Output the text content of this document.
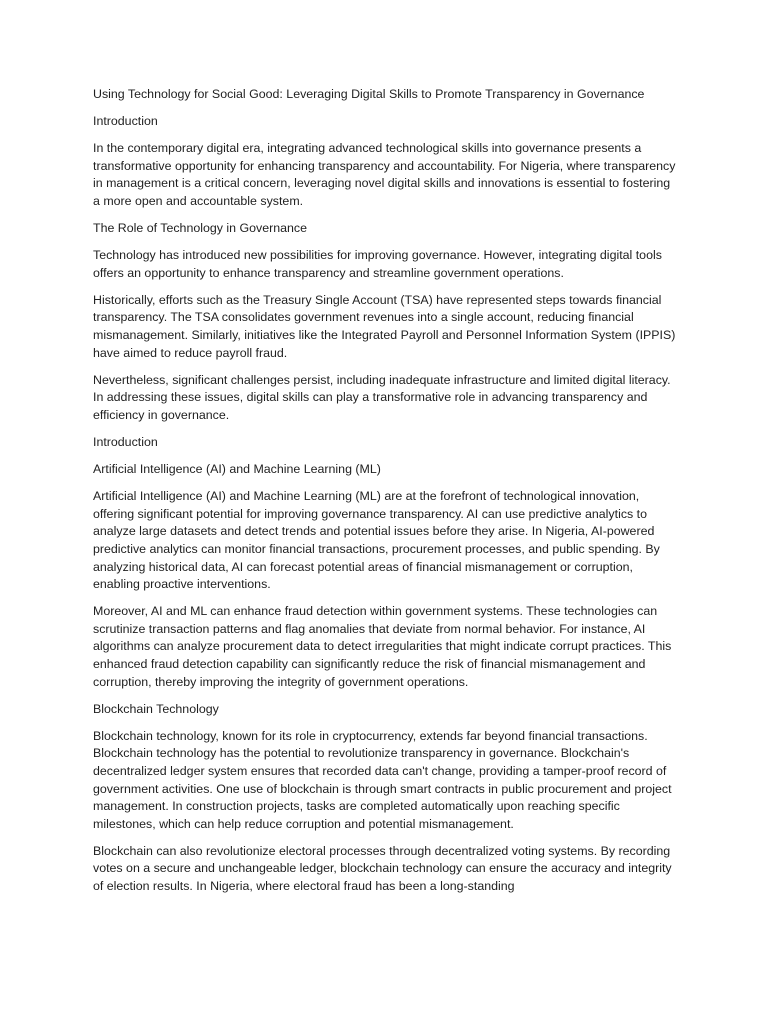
Using Technology for Social Good: Leveraging Digital Skills to Promote Transparency in Governance

Introduction

In the contemporary digital era, integrating advanced technological skills into governance presents a transformative opportunity for enhancing transparency and accountability. For Nigeria, where transparency in management is a critical concern, leveraging novel digital skills and innovations is essential to fostering a more open and accountable system.

The Role of Technology in Governance

Technology has introduced new possibilities for improving governance. However, integrating digital tools offers an opportunity to enhance transparency and streamline government operations.

Historically, efforts such as the Treasury Single Account (TSA) have represented steps towards financial transparency. The TSA consolidates government revenues into a single account, reducing financial mismanagement. Similarly, initiatives like the Integrated Payroll and Personnel Information System (IPPIS) have aimed to reduce payroll fraud.

Nevertheless, significant challenges persist, including inadequate infrastructure and limited digital literacy. In addressing these issues, digital skills can play a transformative role in advancing transparency and efficiency in governance.

Introduction

Artificial Intelligence (AI) and Machine Learning (ML)

Artificial Intelligence (AI) and Machine Learning (ML) are at the forefront of technological innovation, offering significant potential for improving governance transparency. AI can use predictive analytics to analyze large datasets and detect trends and potential issues before they arise. In Nigeria, AI-powered predictive analytics can monitor financial transactions, procurement processes, and public spending. By analyzing historical data, AI can forecast potential areas of financial mismanagement or corruption, enabling proactive interventions.

Moreover, AI and ML can enhance fraud detection within government systems. These technologies can scrutinize transaction patterns and flag anomalies that deviate from normal behavior. For instance, AI algorithms can analyze procurement data to detect irregularities that might indicate corrupt practices. This enhanced fraud detection capability can significantly reduce the risk of financial mismanagement and corruption, thereby improving the integrity of government operations.

Blockchain Technology

Blockchain technology, known for its role in cryptocurrency, extends far beyond financial transactions. Blockchain technology has the potential to revolutionize transparency in governance. Blockchain's decentralized ledger system ensures that recorded data can't change, providing a tamper-proof record of government activities. One use of blockchain is through smart contracts in public procurement and project management. In construction projects, tasks are completed automatically upon reaching specific milestones, which can help reduce corruption and potential mismanagement.

Blockchain can also revolutionize electoral processes through decentralized voting systems. By recording votes on a secure and unchangeable ledger, blockchain technology can ensure the accuracy and integrity of election results. In Nigeria, where electoral fraud has been a long-standing
